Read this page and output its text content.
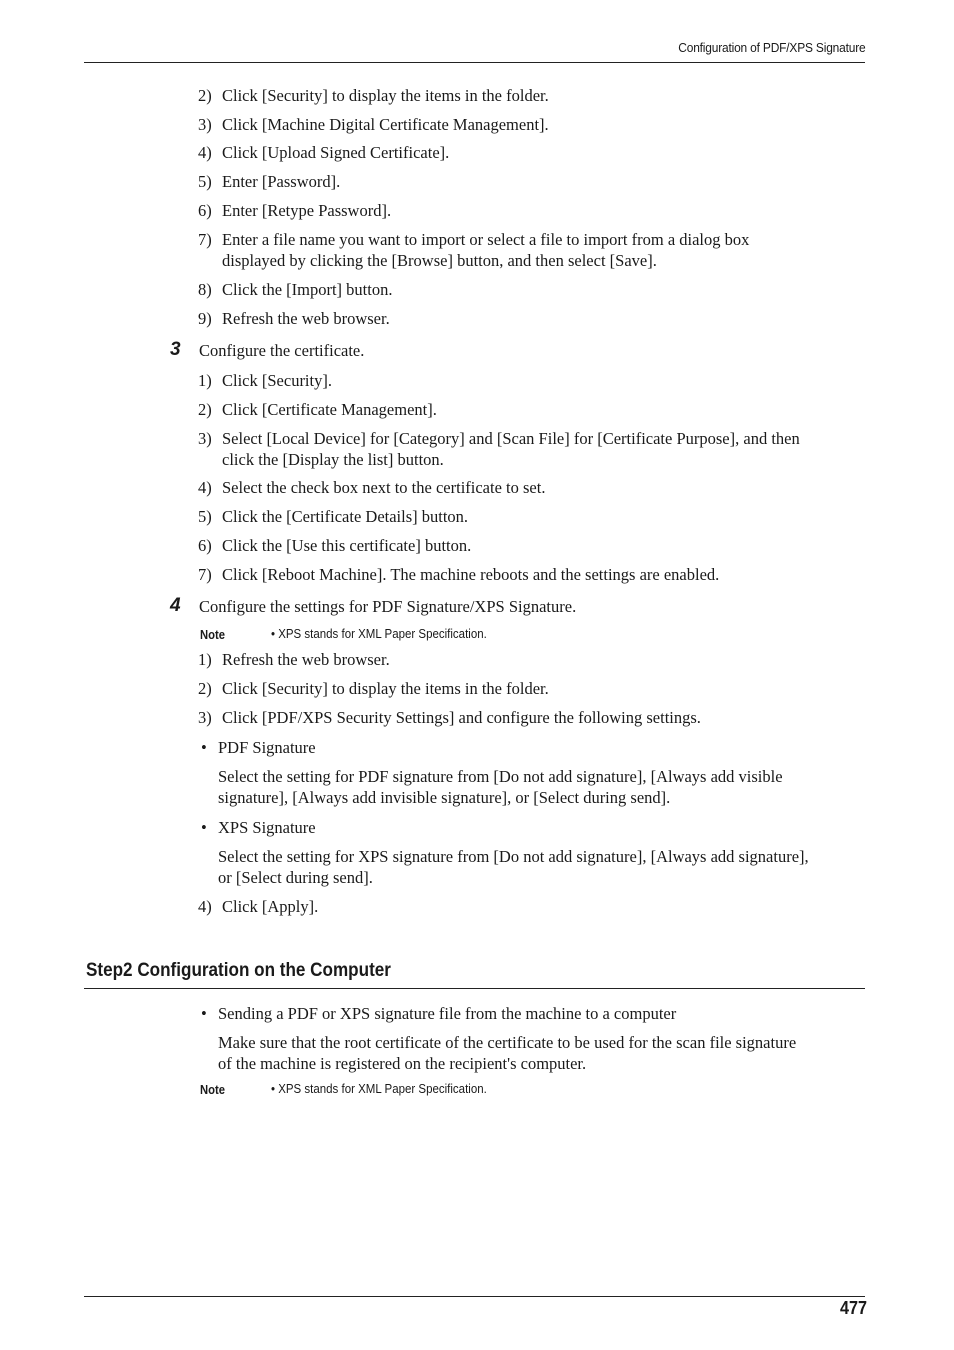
Configuration of PDF/XPS Signature
2) Click [Security] to display the items in the folder.
3) Click [Machine Digital Certificate Management].
4) Click [Upload Signed Certificate].
5) Enter [Password].
6) Enter [Retype Password].
7) Enter a file name you want to import or select a file to import from a dialog box
displayed by clicking the [Browse] button, and then select [Save].
8) Click the [Import] button.
9) Refresh the web browser.
3 Configure the certificate.
1) Click [Security].
2) Click [Certificate Management].
3) Select [Local Device] for [Category] and [Scan File] for [Certificate Purpose], and then
click the [Display the list] button.
4) Select the check box next to the certificate to set.
5) Click the [Certificate Details] button.
6) Click the [Use this certificate] button.
7) Click [Reboot Machine]. The machine reboots and the settings are enabled.
4 Configure the settings for PDF Signature/XPS Signature.
Note	• XPS stands for XML Paper Specification.
1) Refresh the web browser.
2) Click [Security] to display the items in the folder.
3) Click [PDF/XPS Security Settings] and configure the following settings.
• PDF Signature
Select the setting for PDF signature from [Do not add signature], [Always add visible
signature], [Always add invisible signature], or [Select during send].
• XPS Signature
Select the setting for XPS signature from [Do not add signature], [Always add signature],
or [Select during send].
4) Click [Apply].
Step2 Configuration on the Computer
• Sending a PDF or XPS signature file from the machine to a computer
Make sure that the root certificate of the certificate to be used for the scan file signature
of the machine is registered on the recipient's computer.
Note	• XPS stands for XML Paper Specification.
477
